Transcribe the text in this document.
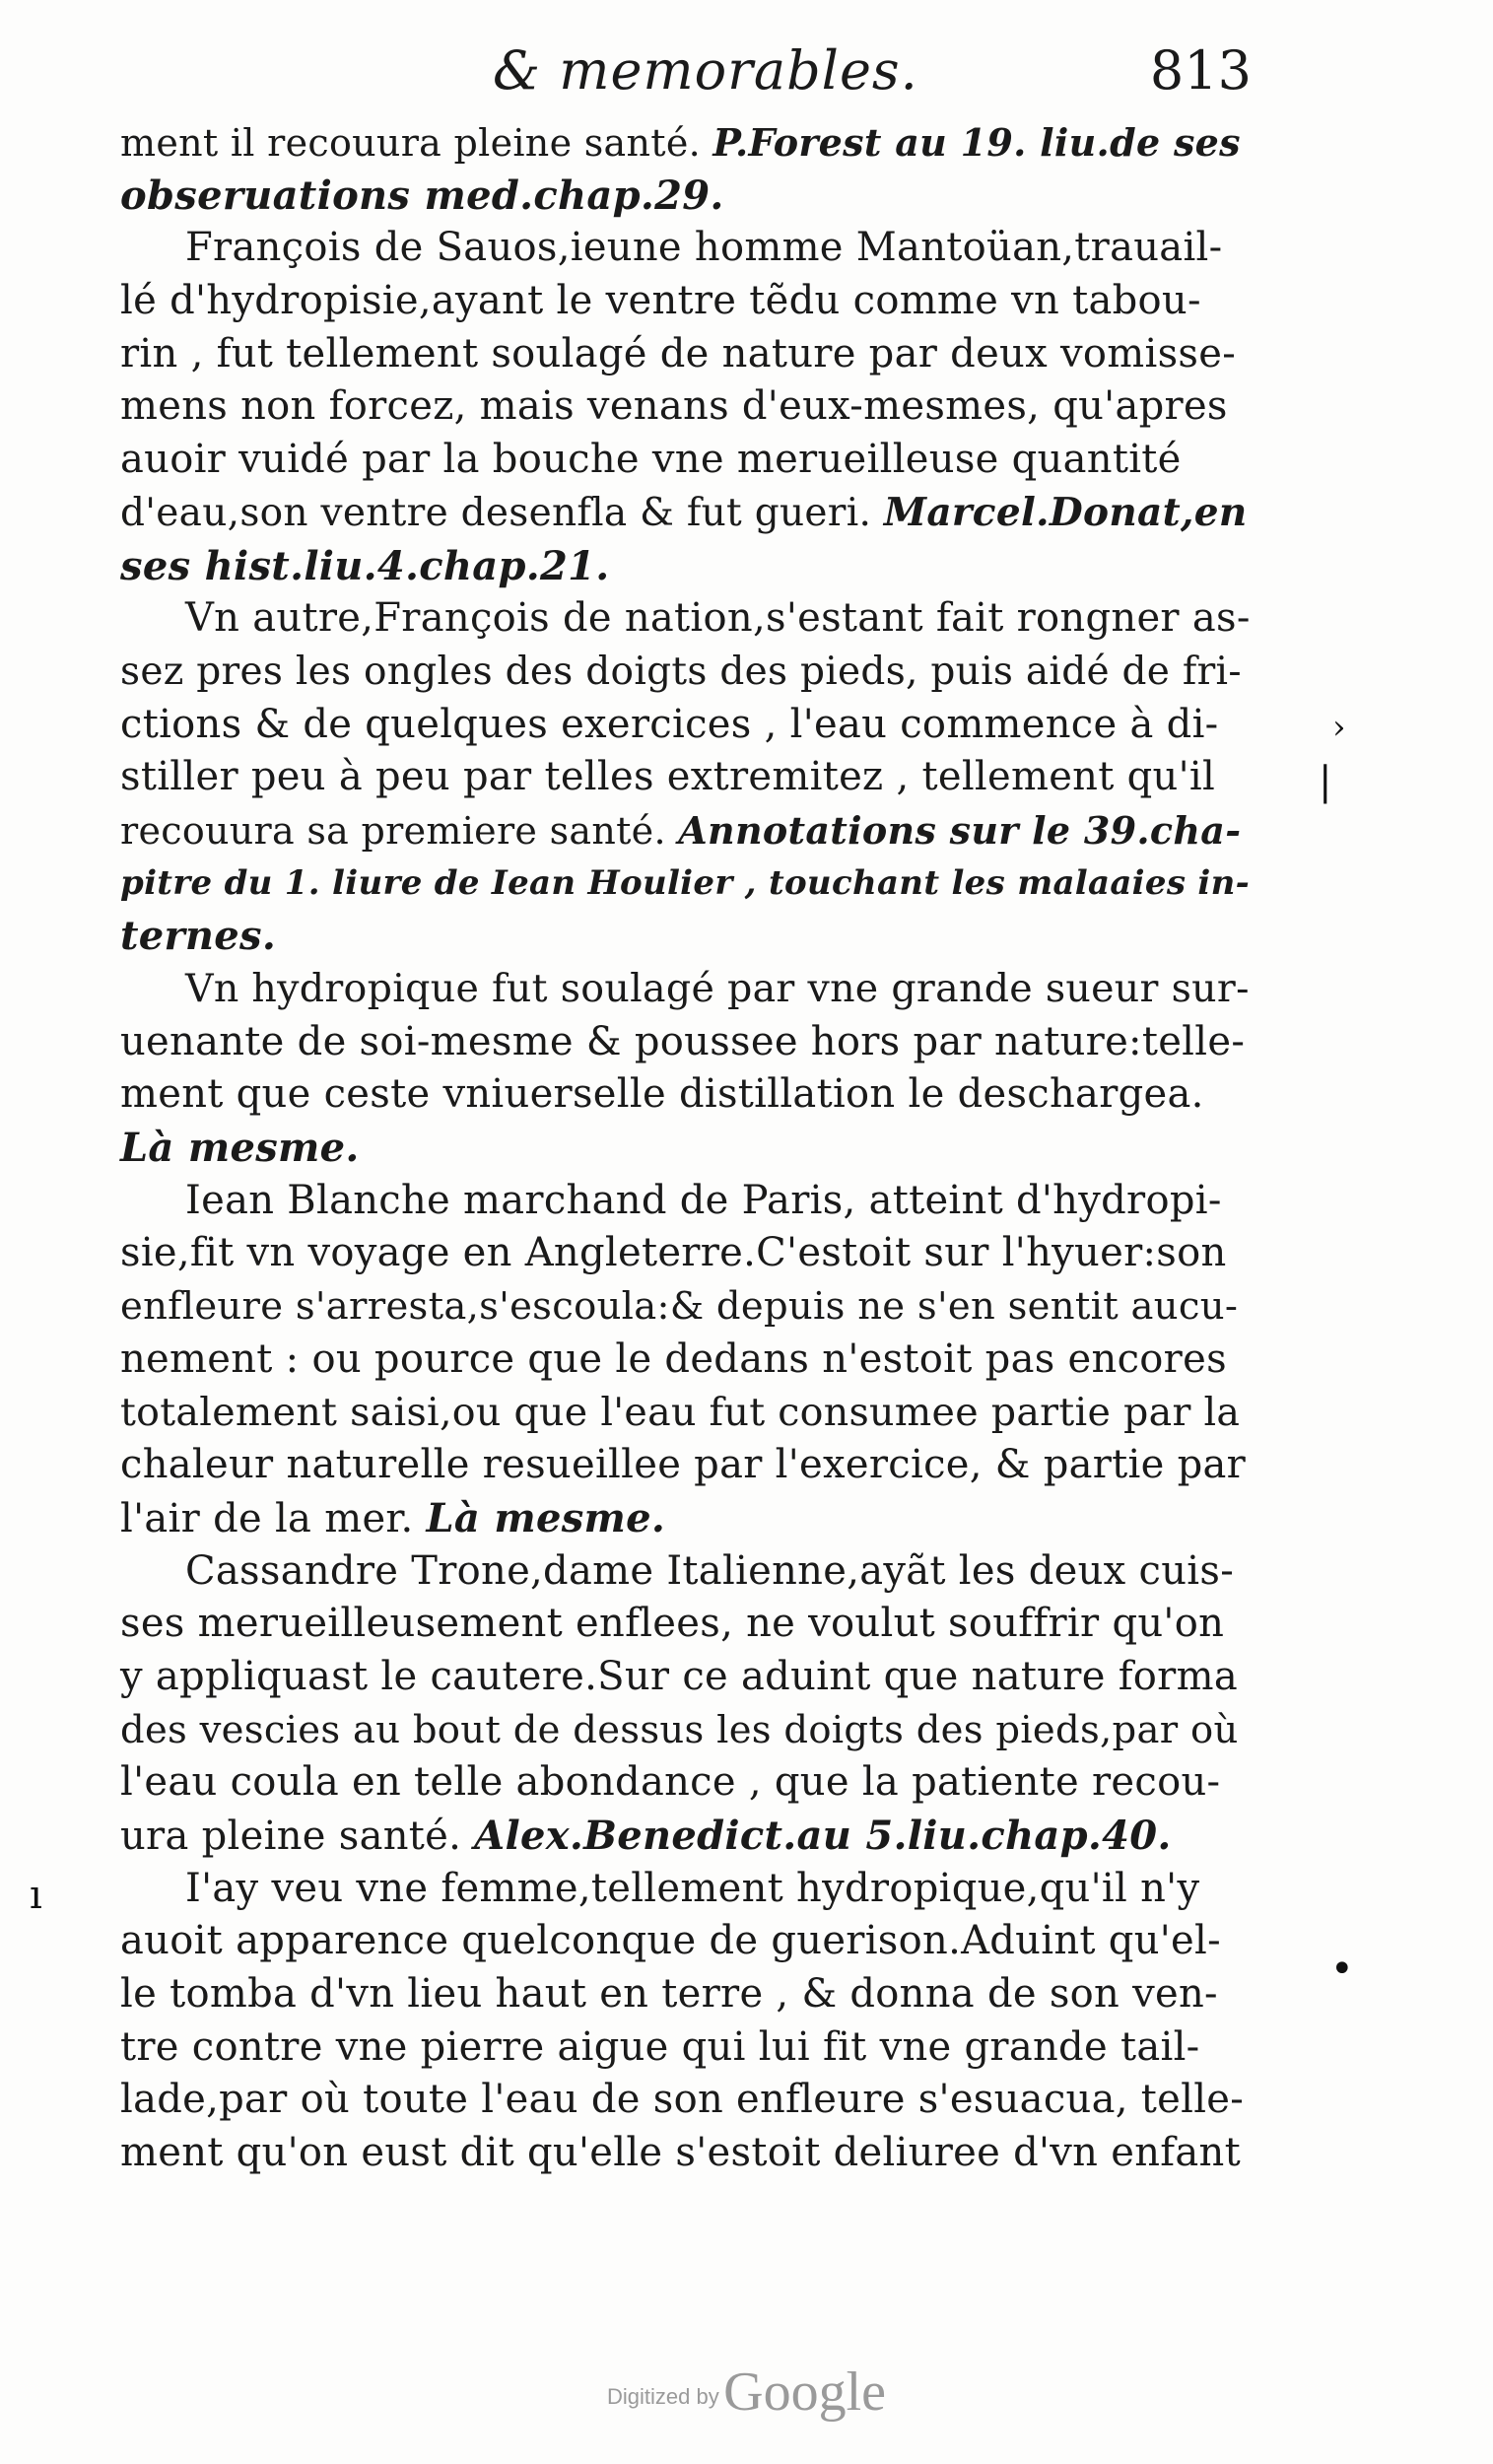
& memorables.	813
ment il recouura pleine santé. P.Forest au 19. liu.de ses
obseruations med.chap.29.
François de Sauos,ieune homme Mantoüan,trauail-
lé d'hydropisie,ayant le ventre tẽdu comme vn tabou-
rin , fut tellement soulagé de nature par deux vomisse-
mens non forcez, mais venans d'eux-mesmes, qu'apres
auoir vuidé par la bouche vne merueilleuse quantité
d'eau,son ventre desenfla & fut gueri. Marcel.Donat,en
ses hist.liu.4.chap.21.
Vn autre,François de nation,s'estant fait rongner as-
sez pres les ongles des doigts des pieds, puis aidé de fri-
ctions & de quelques exercices , l'eau commence à di-
stiller peu à peu par telles extremitez , tellement qu'il
recouura sa premiere santé. Annotations sur le 39.cha-
pitre du 1. liure de Iean Houlier , touchant les malaaies in-
ternes.
Vn hydropique fut soulagé par vne grande sueur sur-
uenante de soi-mesme & poussee hors par nature:telle-
ment que ceste vniuerselle distillation le deschargea.
Là mesme.
Iean Blanche marchand de Paris, atteint d'hydropi-
sie,fit vn voyage en Angleterre.C'estoit sur l'hyuer:son
enfleure s'arresta,s'escoula:& depuis ne s'en sentit aucu-
nement : ou pource que le dedans n'estoit pas encores
totalement saisi,ou que l'eau fut consumee partie par la
chaleur naturelle resueillee par l'exercice, & partie par
l'air de la mer. Là mesme.
Cassandre Trone,dame Italienne,ayãt les deux cuis-
ses merueilleusement enflees, ne voulut souffrir qu'on
y appliquast le cautere.Sur ce aduint que nature forma
des vescies au bout de dessus les doigts des pieds,par où
l'eau coula en telle abondance , que la patiente recou-
ura pleine santé. Alex.Benedict.au 5.liu.chap.40.
I'ay veu vne femme,tellement hydropique,qu'il n'y
auoit apparence quelconque de guerison.Aduint qu'el-
le tomba d'vn lieu haut en terre , & donna de son ven-
tre contre vne pierre aigue qui lui fit vne grande tail-
lade,par où toute l'eau de son enfleure s'esuacua, telle-
ment qu'on eust dit qu'elle s'estoit deliuree d'vn enfant
›
|
ı
•
Digitized by Google
